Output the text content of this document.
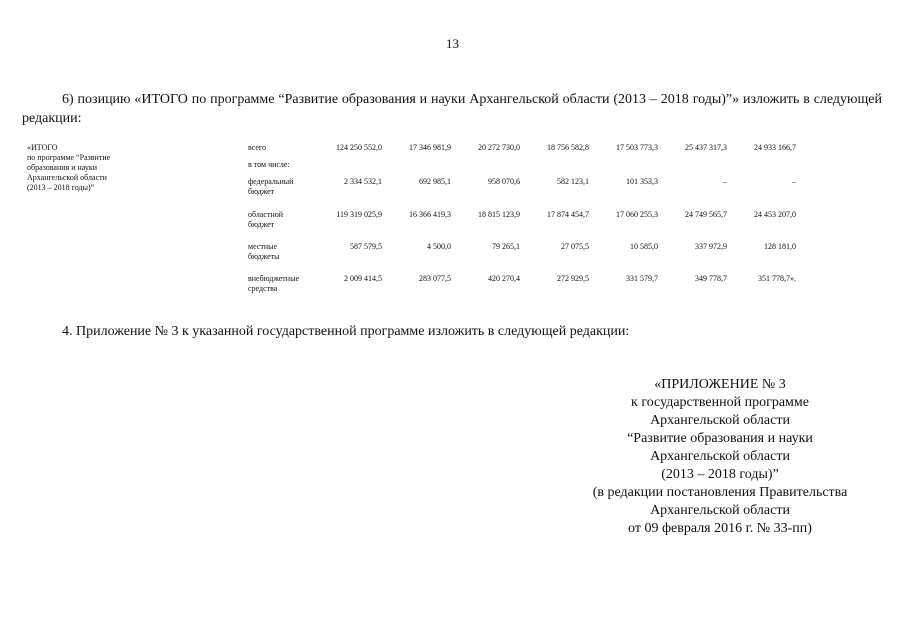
13
6) позицию «ИТОГО по программе “Развитие образования и науки Архангельской области (2013 – 2018 годы)”» изложить в следующей редакции:
«ИТОГО
по программе “Развитие
образования и науки
Архангельской области
(2013 – 2018 годы)”
всего	124 250 552,0	17 346 981,9	20 272 730,0	18 756 582,8	17 503 773,3	25 437 317,3	24 933 166,7
в том числе:
федеральный
бюджет
2 334 532,1	692 985,1	958 070,6	582 123,1	101 353,3	–	–
областной
бюджет
119 319 025,9	16 366 419,3	18 815 123,9	17 874 454,7	17 060 255,3	24 749 565,7	24 453 207,0
местные
бюджеты
587 579,5	4 500,0	79 265,1	27 075,5	10 585,0	337 972,9	128 181,0
внебюджетные
средства
2 009 414,5	283 077,5	420 270,4	272 929,5	331 579,7	349 778,7	351 778,7».
4. Приложение № 3 к указанной государственной программе изложить в следующей редакции:
«ПРИЛОЖЕНИЕ № 3
к государственной программе
Архангельской области
“Развитие образования и науки
Архангельской области
(2013 – 2018 годы)”
(в редакции постановления Правительства
Архангельской области
от 09 февраля 2016 г. № 33-пп)
